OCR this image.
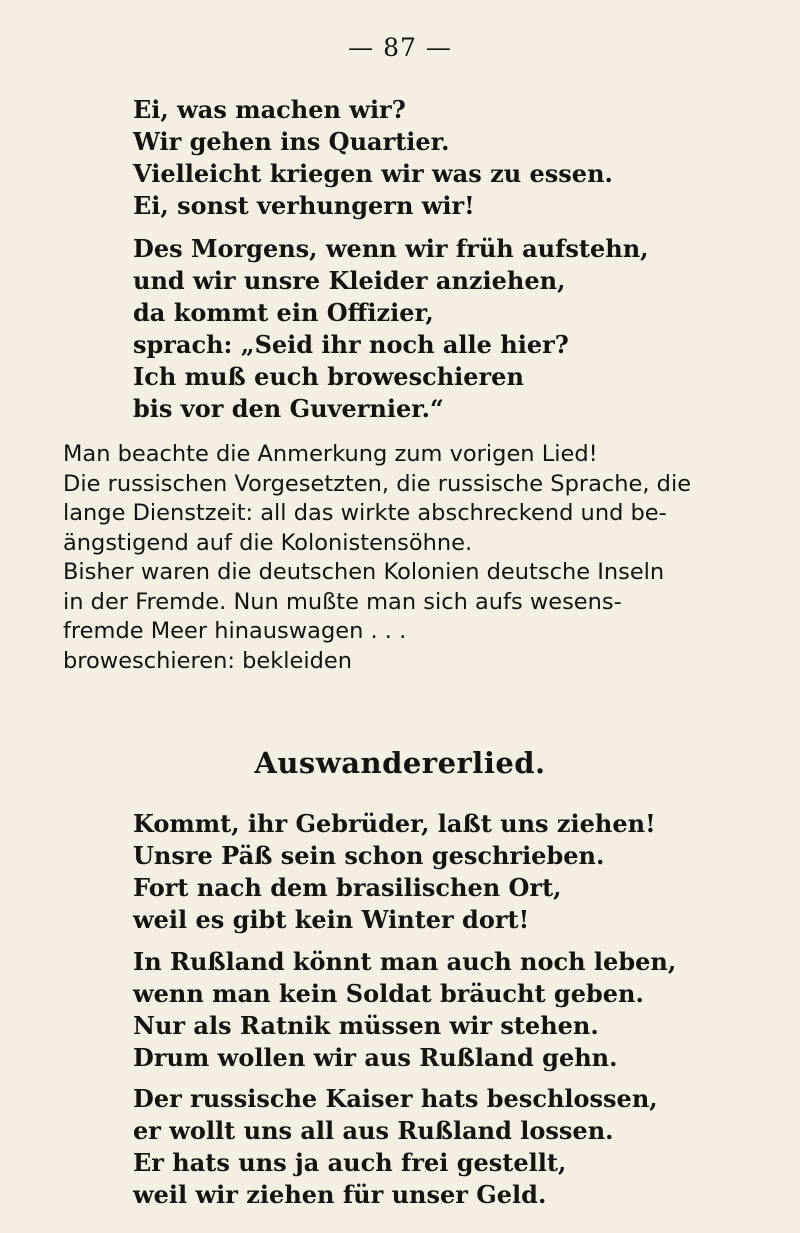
— 87 —
Ei, was machen wir?
Wir gehen ins Quartier.
Vielleicht kriegen wir was zu essen.
Ei, sonst verhungern wir!
Des Morgens, wenn wir früh aufstehn,
und wir unsre Kleider anziehen,
da kommt ein Offizier,
sprach: „Seid ihr noch alle hier?
Ich muß euch broweschieren
bis vor den Guvernier.“
Man beachte die Anmerkung zum vorigen Lied!
Die russischen Vorgesetzten, die russische Sprache, die
lange Dienstzeit: all das wirkte abschreckend und be-
ängstigend auf die Kolonistensöhne.
Bisher waren die deutschen Kolonien deutsche Inseln
in der Fremde. Nun mußte man sich aufs wesens-
fremde Meer hinauswagen . . .
broweschieren: bekleiden
Auswandererlied.
Kommt, ihr Gebrüder, laßt uns ziehen!
Unsre Päß sein schon geschrieben.
Fort nach dem brasilischen Ort,
weil es gibt kein Winter dort!
In Rußland könnt man auch noch leben,
wenn man kein Soldat bräucht geben.
Nur als Ratnik müssen wir stehen.
Drum wollen wir aus Rußland gehn.
Der russische Kaiser hats beschlossen,
er wollt uns all aus Rußland lossen.
Er hats uns ja auch frei gestellt,
weil wir ziehen für unser Geld.
